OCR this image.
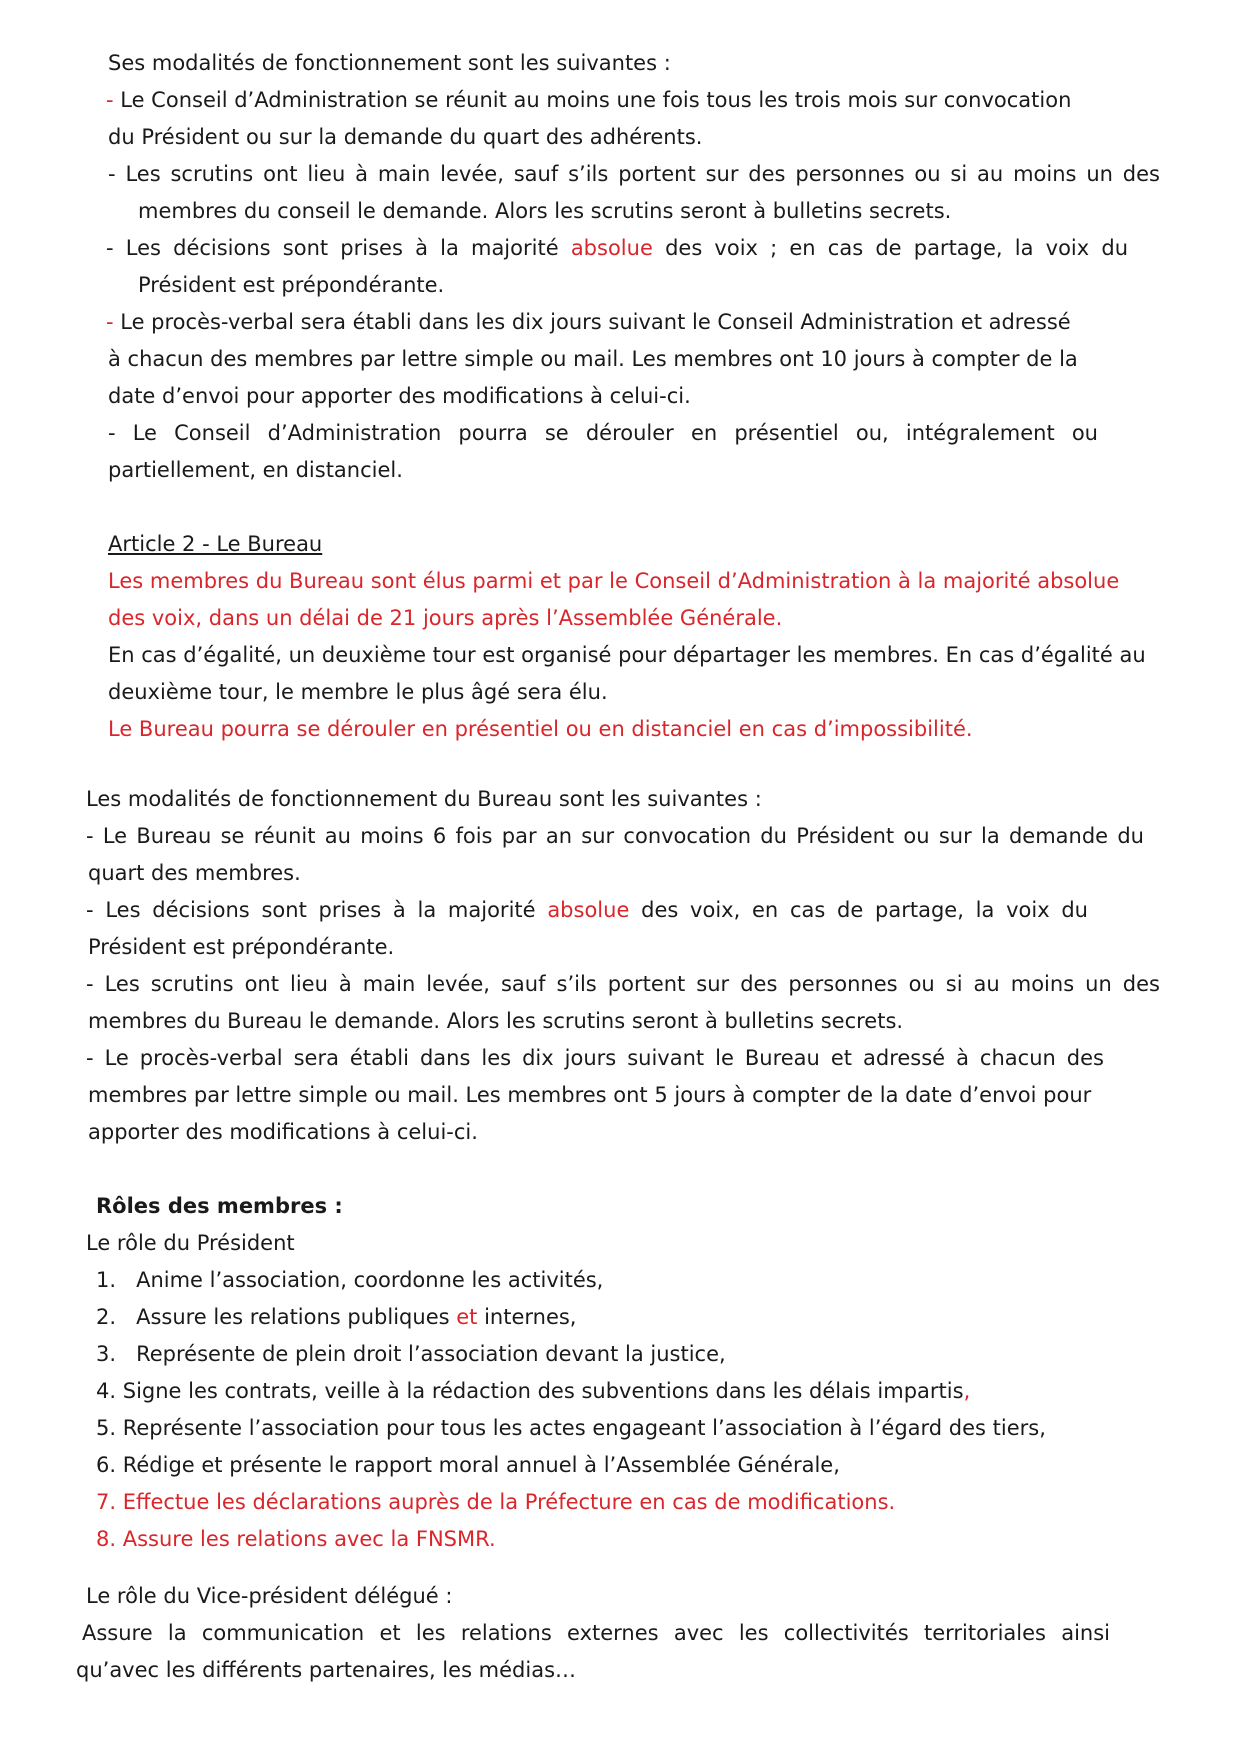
Ses modalités de fonctionnement sont les suivantes :
- Le Conseil d’Administration se réunit au moins une fois tous les trois mois sur convocation
du Président ou sur la demande du quart des adhérents.
- Les scrutins ont lieu à main levée, sauf s’ils portent sur des personnes ou si au moins un des
membres du conseil le demande. Alors les scrutins seront à bulletins secrets.
- Les décisions sont prises à la majorité absolue des voix ; en cas de partage, la voix du
Président est prépondérante.
- Le procès-verbal sera établi dans les dix jours suivant le Conseil Administration et adressé
à chacun des membres par lettre simple ou mail. Les membres ont 10 jours à compter de la
date d’envoi pour apporter des modifications à celui-ci.
- Le Conseil d’Administration pourra se dérouler en présentiel ou, intégralement ou
partiellement, en distanciel.
Article 2 - Le Bureau
Les membres du Bureau sont élus parmi et par le Conseil d’Administration à la majorité absolue
des voix, dans un délai de 21 jours après l’Assemblée Générale.
En cas d’égalité, un deuxième tour est organisé pour départager les membres. En cas d’égalité au
deuxième tour, le membre le plus âgé sera élu.
Le Bureau pourra se dérouler en présentiel ou en distanciel en cas d’impossibilité.
Les modalités de fonctionnement du Bureau sont les suivantes :
- Le Bureau se réunit au moins 6 fois par an sur convocation du Président ou sur la demande du
quart des membres.
- Les décisions sont prises à la majorité absolue des voix, en cas de partage, la voix du
Président est prépondérante.
- Les scrutins ont lieu à main levée, sauf s’ils portent sur des personnes ou si au moins un des
membres du Bureau le demande. Alors les scrutins seront à bulletins secrets.
- Le procès-verbal sera établi dans les dix jours suivant le Bureau et adressé à chacun des
membres par lettre simple ou mail. Les membres ont 5 jours à compter de la date d’envoi pour
apporter des modifications à celui-ci.
Rôles des membres :
Le rôle du Président
1. Anime l’association, coordonne les activités,
2. Assure les relations publiques et internes,
3. Représente de plein droit l’association devant la justice,
4. Signe les contrats, veille à la rédaction des subventions dans les délais impartis,
5. Représente l’association pour tous les actes engageant l’association à l’égard des tiers,
6. Rédige et présente le rapport moral annuel à l’Assemblée Générale,
7. Effectue les déclarations auprès de la Préfecture en cas de modifications.
8. Assure les relations avec la FNSMR.
Le rôle du Vice-président délégué :
Assure la communication et les relations externes avec les collectivités territoriales ainsi
qu’avec les différents partenaires, les médias…
